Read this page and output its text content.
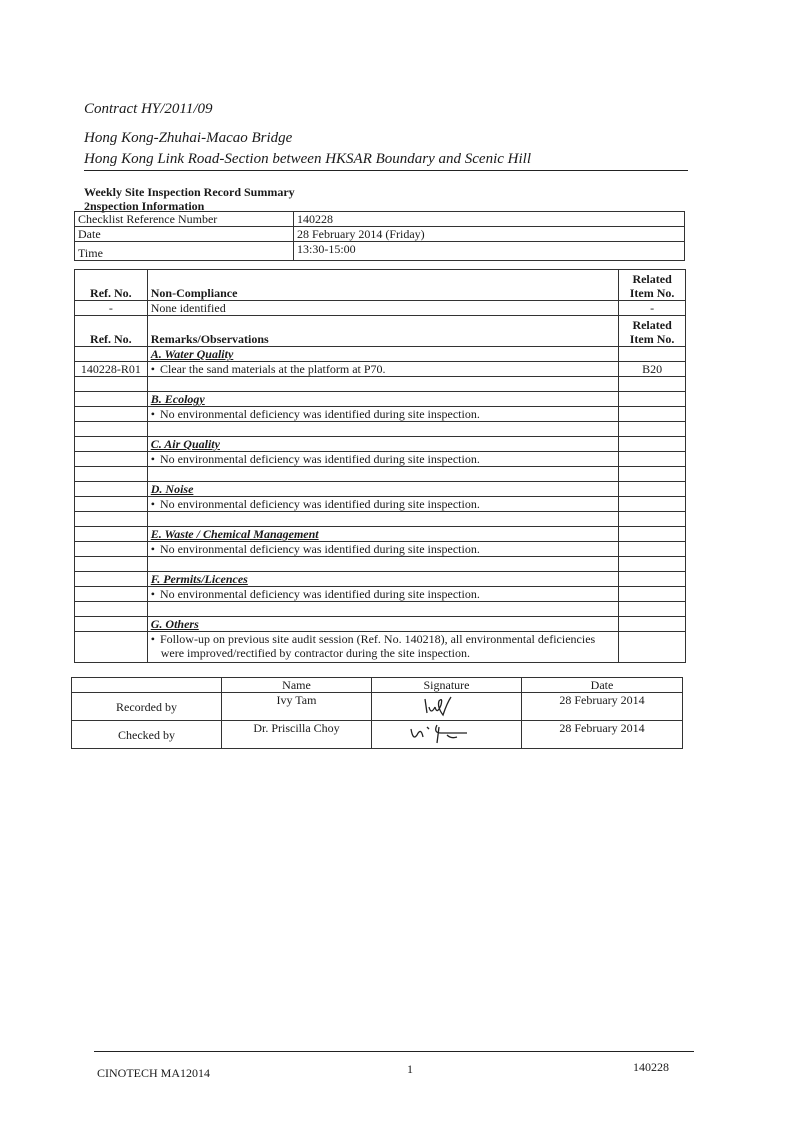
Contract HY/2011/09
Hong Kong-Zhuhai-Macao Bridge
Hong Kong Link Road-Section between HKSAR Boundary and Scenic Hill
Weekly Site Inspection Record Summary
2nspection Information
Checklist Reference Number	140228
Date	28 February 2014 (Friday)
Time	13:30-15:00
Ref. No.	Non-Compliance	Related
Item No.
-	None identified	-
Ref. No.	Remarks/Observations	Related
Item No.
	A. Water Quality	
140228-R01	• Clear the sand materials at the platform at P70.	B20

	B. Ecology	
	• No environmental deficiency was identified during site inspection.	

	C. Air Quality	
	• No environmental deficiency was identified during site inspection.	

	D. Noise	
	• No environmental deficiency was identified during site inspection.	

	E. Waste / Chemical Management	
	• No environmental deficiency was identified during site inspection.	

	F. Permits/Licences	
	• No environmental deficiency was identified during site inspection.	

	G. Others	
	• Follow-up on previous site audit session (Ref. No. 140218), all environmental deficiencies
were improved/rectified by contractor during the site inspection.	
	Name	Signature	Date
Recorded by	Ivy Tam		28 February 2014
Checked by	Dr. Priscilla Choy		28 February 2014
CINOTECH MA12014	1	140228
